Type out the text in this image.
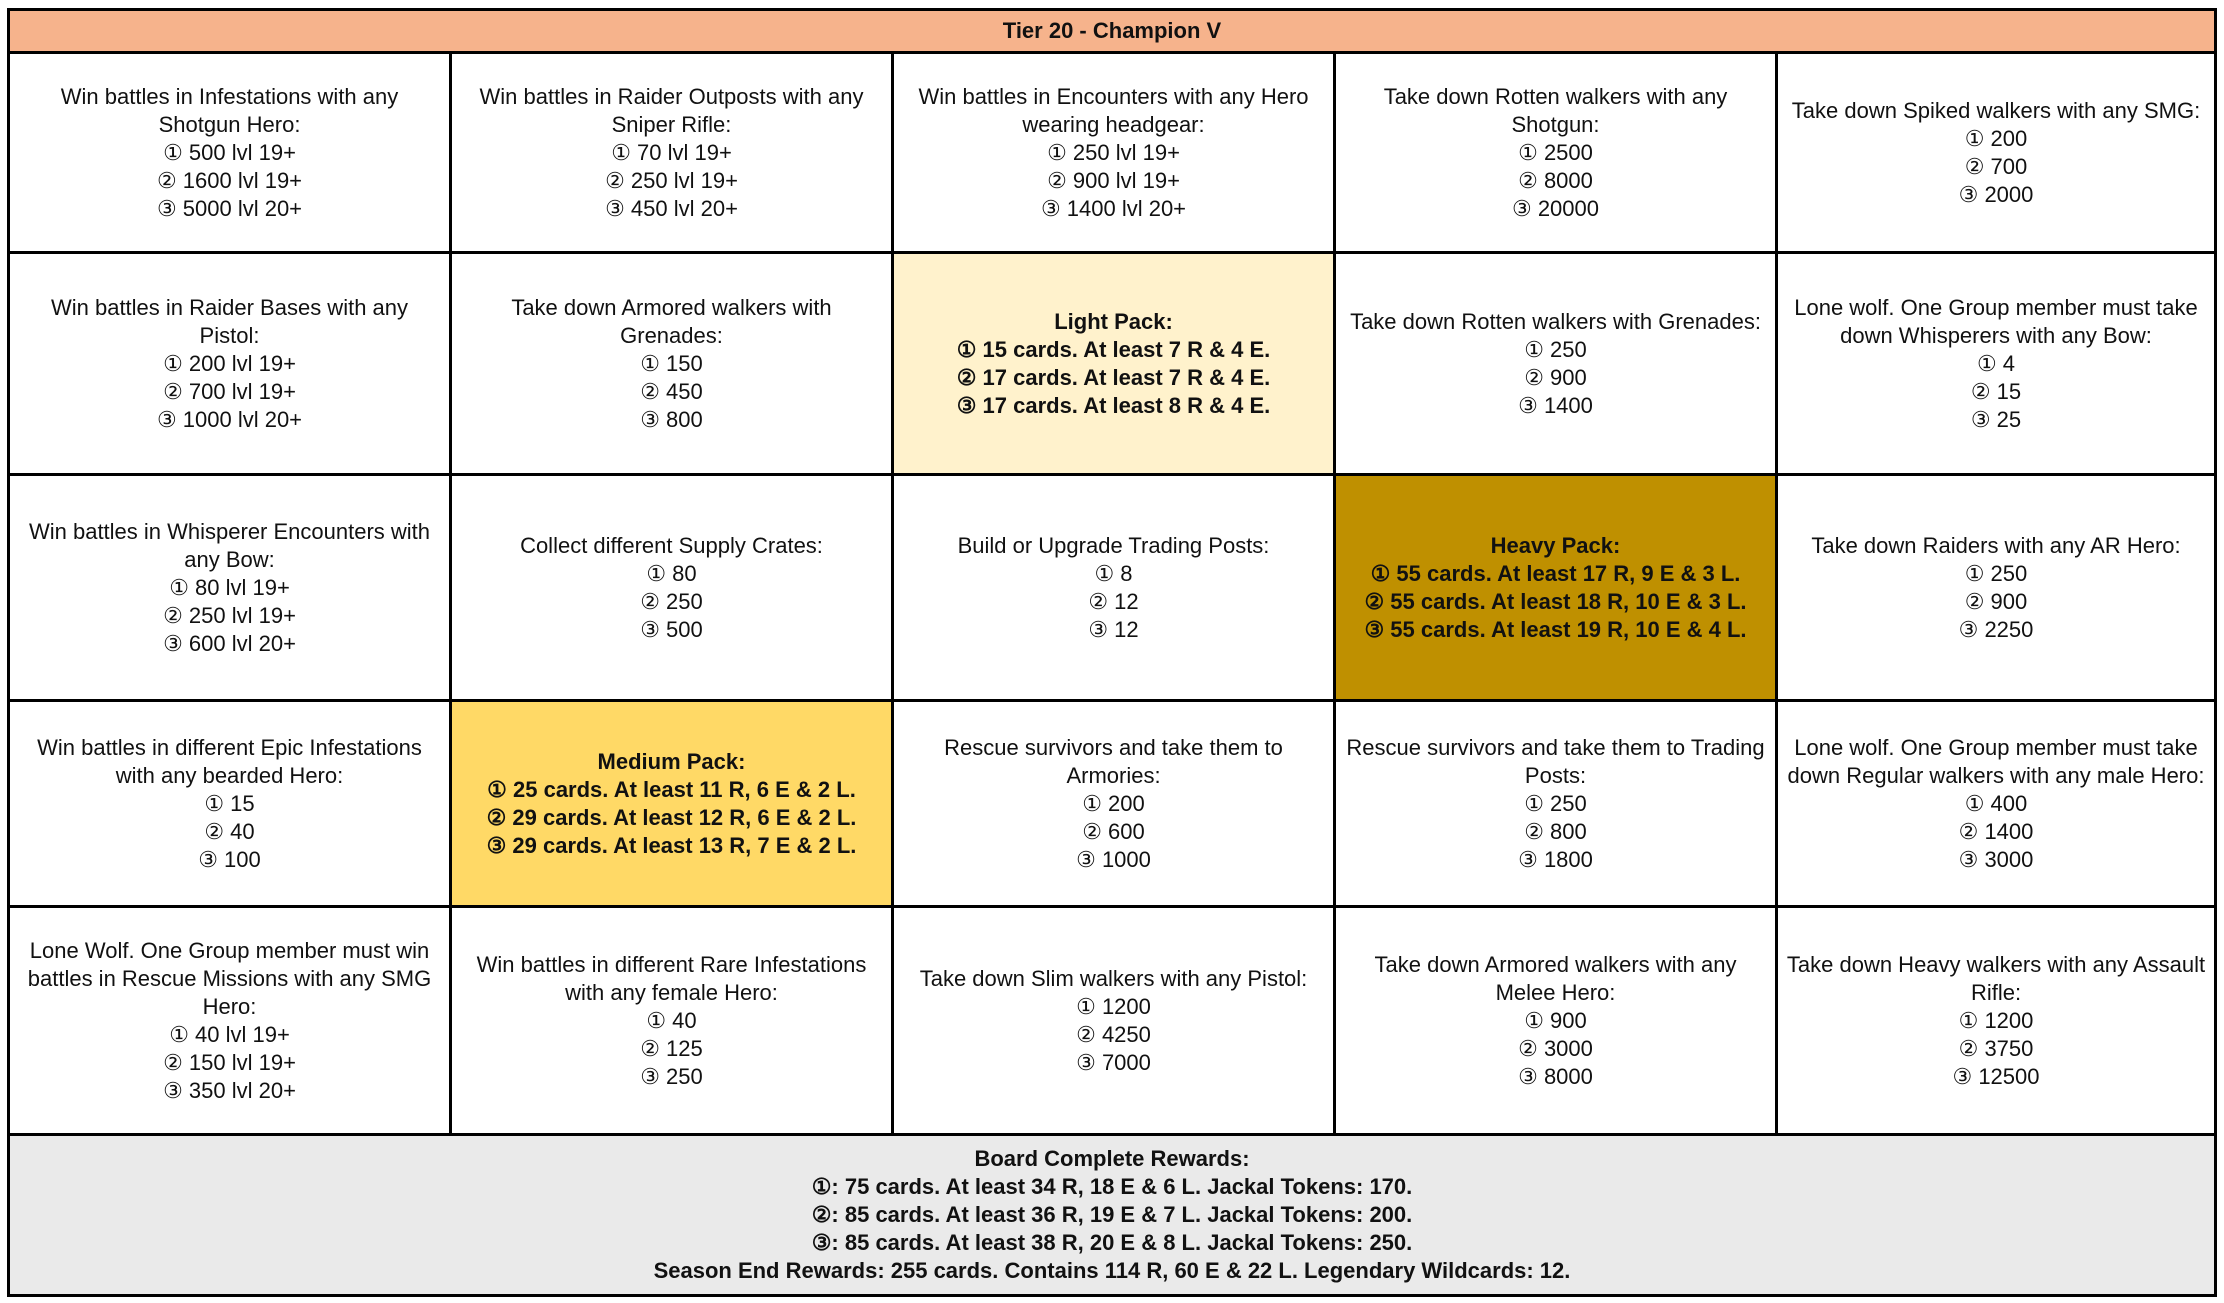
Tier 20 - Champion V
Win battles in Infestations with any Shotgun Hero:
① 500 lvl 19+
② 1600 lvl 19+
③ 5000 lvl 20+
Win battles in Raider Outposts with any Sniper Rifle:
① 70 lvl 19+
② 250 lvl 19+
③ 450 lvl 20+
Win battles in Encounters with any Hero wearing headgear:
① 250 lvl 19+
② 900 lvl 19+
③ 1400 lvl 20+
Take down Rotten walkers with any Shotgun:
① 2500
② 8000
③ 20000
Take down Spiked walkers with any SMG:
① 200
② 700
③ 2000
Win battles in Raider Bases with any Pistol:
① 200 lvl 19+
② 700 lvl 19+
③ 1000 lvl 20+
Take down Armored walkers with Grenades:
① 150
② 450
③ 800
Light Pack:
① 15 cards. At least 7 R & 4 E.
② 17 cards. At least 7 R & 4 E.
③ 17 cards. At least 8 R & 4 E.
Take down Rotten walkers with Grenades:
① 250
② 900
③ 1400
Lone wolf. One Group member must take down Whisperers with any Bow:
① 4
② 15
③ 25
Win battles in Whisperer Encounters with any Bow:
① 80 lvl 19+
② 250 lvl 19+
③ 600 lvl 20+
Collect different Supply Crates:
① 80
② 250
③ 500
Build or Upgrade Trading Posts:
① 8
② 12
③ 12
Heavy Pack:
① 55 cards. At least 17 R, 9 E & 3 L.
② 55 cards. At least 18 R, 10 E & 3 L.
③ 55 cards. At least 19 R, 10 E & 4 L.
Take down Raiders with any AR Hero:
① 250
② 900
③ 2250
Win battles in different Epic Infestations with any bearded Hero:
① 15
② 40
③ 100
Medium Pack:
① 25 cards. At least 11 R, 6 E & 2 L.
② 29 cards. At least 12 R, 6 E & 2 L.
③ 29 cards. At least 13 R, 7 E & 2 L.
Rescue survivors and take them to Armories:
① 200
② 600
③ 1000
Rescue survivors and take them to Trading Posts:
① 250
② 800
③ 1800
Lone wolf. One Group member must take down Regular walkers with any male Hero:
① 400
② 1400
③ 3000
Lone Wolf. One Group member must win battles in Rescue Missions with any SMG Hero:
① 40 lvl 19+
② 150 lvl 19+
③ 350 lvl 20+
Win battles in different Rare Infestations with any female Hero:
① 40
② 125
③ 250
Take down Slim walkers with any Pistol:
① 1200
② 4250
③ 7000
Take down Armored walkers with any Melee Hero:
① 900
② 3000
③ 8000
Take down Heavy walkers with any Assault Rifle:
① 1200
② 3750
③ 12500
Board Complete Rewards:
①: 75 cards. At least 34 R, 18 E & 6 L. Jackal Tokens: 170.
②: 85 cards. At least 36 R, 19 E & 7 L. Jackal Tokens: 200.
③: 85 cards. At least 38 R, 20 E & 8 L. Jackal Tokens: 250.
Season End Rewards: 255 cards. Contains 114 R, 60 E & 22 L. Legendary Wildcards: 12.
